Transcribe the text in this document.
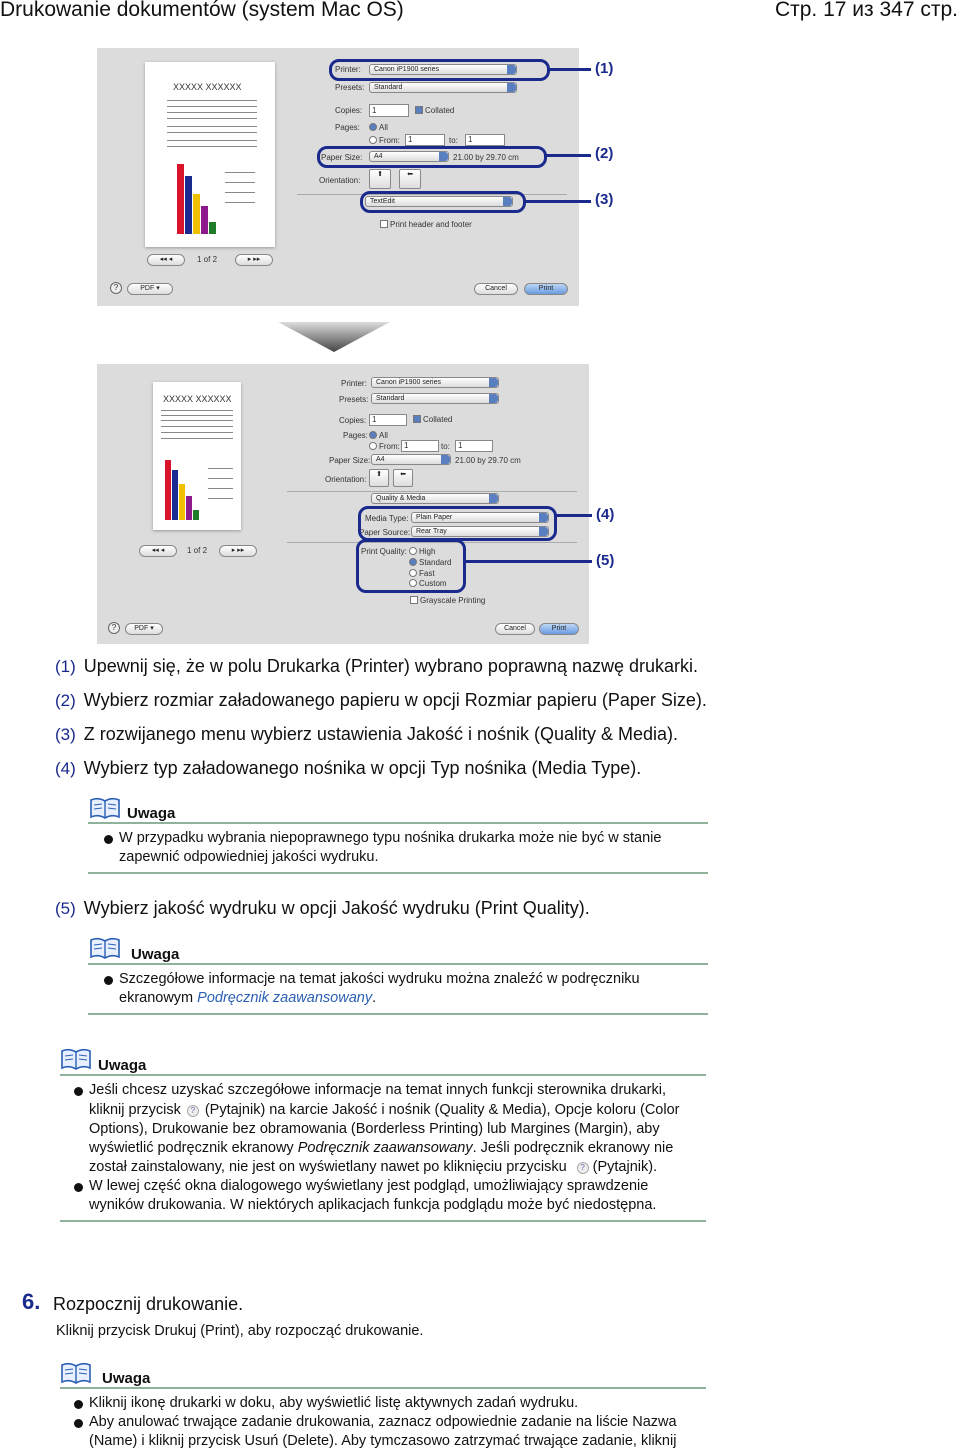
Drukowanie dokumentów (system Mac OS)	Стр. 17 из 347 стр.
XXXXX XXXXXX
1 of 2
◂◂ ◂	▸ ▸▸
Printer:	Canon iP1900 series
Presets:	Standard
Copies:	1	Collated
Pages: All
From:	1	to:	1
Paper Size:	A4	21.00 by 29.70 cm
Orientation:
⬆	⬅
TextEdit
Print header and footer
?	PDF ▾	Cancel	Print
(1)
(2)
(3)
XXXXX XXXXXX
1 of 2
◂◂ ◂	▸ ▸▸
Printer:	Canon iP1900 series
Presets:	Standard
Copies: 1	Collated
Pages: All
From: 1	to:	1
Paper Size: A4	21.00 by 29.70 cm
Orientation:
⬆	⬅
Quality & Media
Media Type:	Plain Paper
Paper Source: Rear Tray
Print Quality: High
Standard
Fast
Custom
Grayscale Printing
?	PDF ▾	Cancel	Print
(4)
(5)
(1) Upewnij się, że w polu Drukarka (Printer) wybrano poprawną nazwę drukarki.
(2) Wybierz rozmiar załadowanego papieru w opcji Rozmiar papieru (Paper Size).
(3) Z rozwijanego menu wybierz ustawienia Jakość i nośnik (Quality & Media).
(4) Wybierz typ załadowanego nośnika w opcji Typ nośnika (Media Type).
Uwaga
W przypadku wybrania niepoprawnego typu nośnika drukarka może nie być w stanie
zapewnić odpowiedniej jakości wydruku.
(5) Wybierz jakość wydruku w opcji Jakość wydruku (Print Quality).
Uwaga
Szczegółowe informacje na temat jakości wydruku można znaleźć w podręczniku
ekranowym Podręcznik zaawansowany.
Uwaga
Jeśli chcesz uzyskać szczegółowe informacje na temat innych funkcji sterownika drukarki,
kliknij przycisk ? (Pytajnik) na karcie Jakość i nośnik (Quality & Media), Opcje koloru (Color
Options), Drukowanie bez obramowania (Borderless Printing) lub Margines (Margin), aby
wyświetlić podręcznik ekranowy Podręcznik zaawansowany. Jeśli podręcznik ekranowy nie
został zainstalowany, nie jest on wyświetlany nawet po kliknięciu przycisku ? (Pytajnik).
W lewej część okna dialogowego wyświetlany jest podgląd, umożliwiający sprawdzenie
wyników drukowania. W niektórych aplikacjach funkcja podglądu może być niedostępna.
6. Rozpocznij drukowanie.
Kliknij przycisk Drukuj (Print), aby rozpocząć drukowanie.
Uwaga
Kliknij ikonę drukarki w doku, aby wyświetlić listę aktywnych zadań wydruku.
Aby anulować trwające zadanie drukowania, zaznacz odpowiednie zadanie na liście Nazwa
(Name) i kliknij przycisk Usuń (Delete). Aby tymczasowo zatrzymać trwające zadanie, kliknij
